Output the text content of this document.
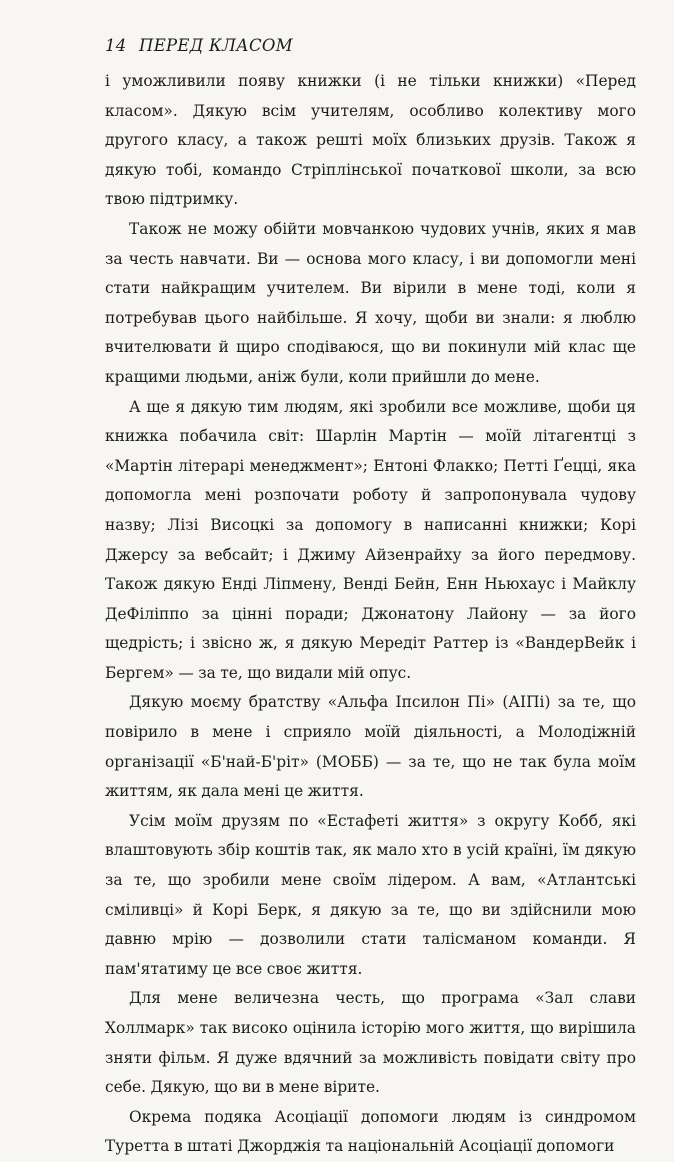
14 ПЕРЕД КЛАСОМ

і уможливили появу книжки (і не тільки книжки) «Перед класом». Дякую всім учителям, особливо колективу мого другого класу, а також решті моїх близьких друзів. Також я дякую тобі, командо Стріплінської початкової школи, за всю твою підтримку.

Також не можу обійти мовчанкою чудових учнів, яких я мав за честь навчати. Ви — основа мого класу, і ви допомогли мені стати найкращим учителем. Ви вірили в мене тоді, коли я потребував цього найбільше. Я хочу, щоби ви знали: я люблю вчителювати й щиро сподіваюся, що ви покинули мій клас ще кращими людьми, аніж були, коли прийшли до мене.

А ще я дякую тим людям, які зробили все можливе, щоби ця книжка побачила світ: Шарлін Мартін — моїй літагентці з «Мартін літерарі менеджмент»; Ентоні Флакко; Петті Ґецці, яка допомогла мені розпочати роботу й запропонувала чудову назву; Лізі Висоцкі за допомогу в написанні книжки; Корі Джерсу за вебсайт; і Джиму Айзенрайху за його передмову. Також дякую Енді Ліпмену, Венді Бейн, Енн Ньюхаус і Майклу ДеФіліппо за цінні поради; Джонатону Лайону — за його щедрість; і звісно ж, я дякую Мередіт Раттер із «ВандерВейк і Бергем» — за те, що видали мій опус.

Дякую моєму братству «Альфа Іпсилон Пі» (АІПі) за те, що повірило в мене і сприяло моїй діяльності, а Молодіжній організації «Б'най-Б'ріт» (МОББ) — за те, що не так була моїм життям, як дала мені це життя.

Усім моїм друзям по «Естафеті життя» з округу Кобб, які влаштовують збір коштів так, як мало хто в усій країні, їм дякую за те, що зробили мене своїм лідером. А вам, «Атлантські сміливці» й Корі Берк, я дякую за те, що ви здійснили мою давню мрію — дозволили стати талісманом команди. Я пам'ятатиму це все своє життя.

Для мене величезна честь, що програма «Зал слави Холлмарк» так високо оцінила історію мого життя, що вирішила зняти фільм. Я дуже вдячний за можливість повідати світу про себе. Дякую, що ви в мене вірите.

Окрема подяка Асоціації допомоги людям із синдромом Туретта в штаті Джорджія та національній Асоціації допомоги
